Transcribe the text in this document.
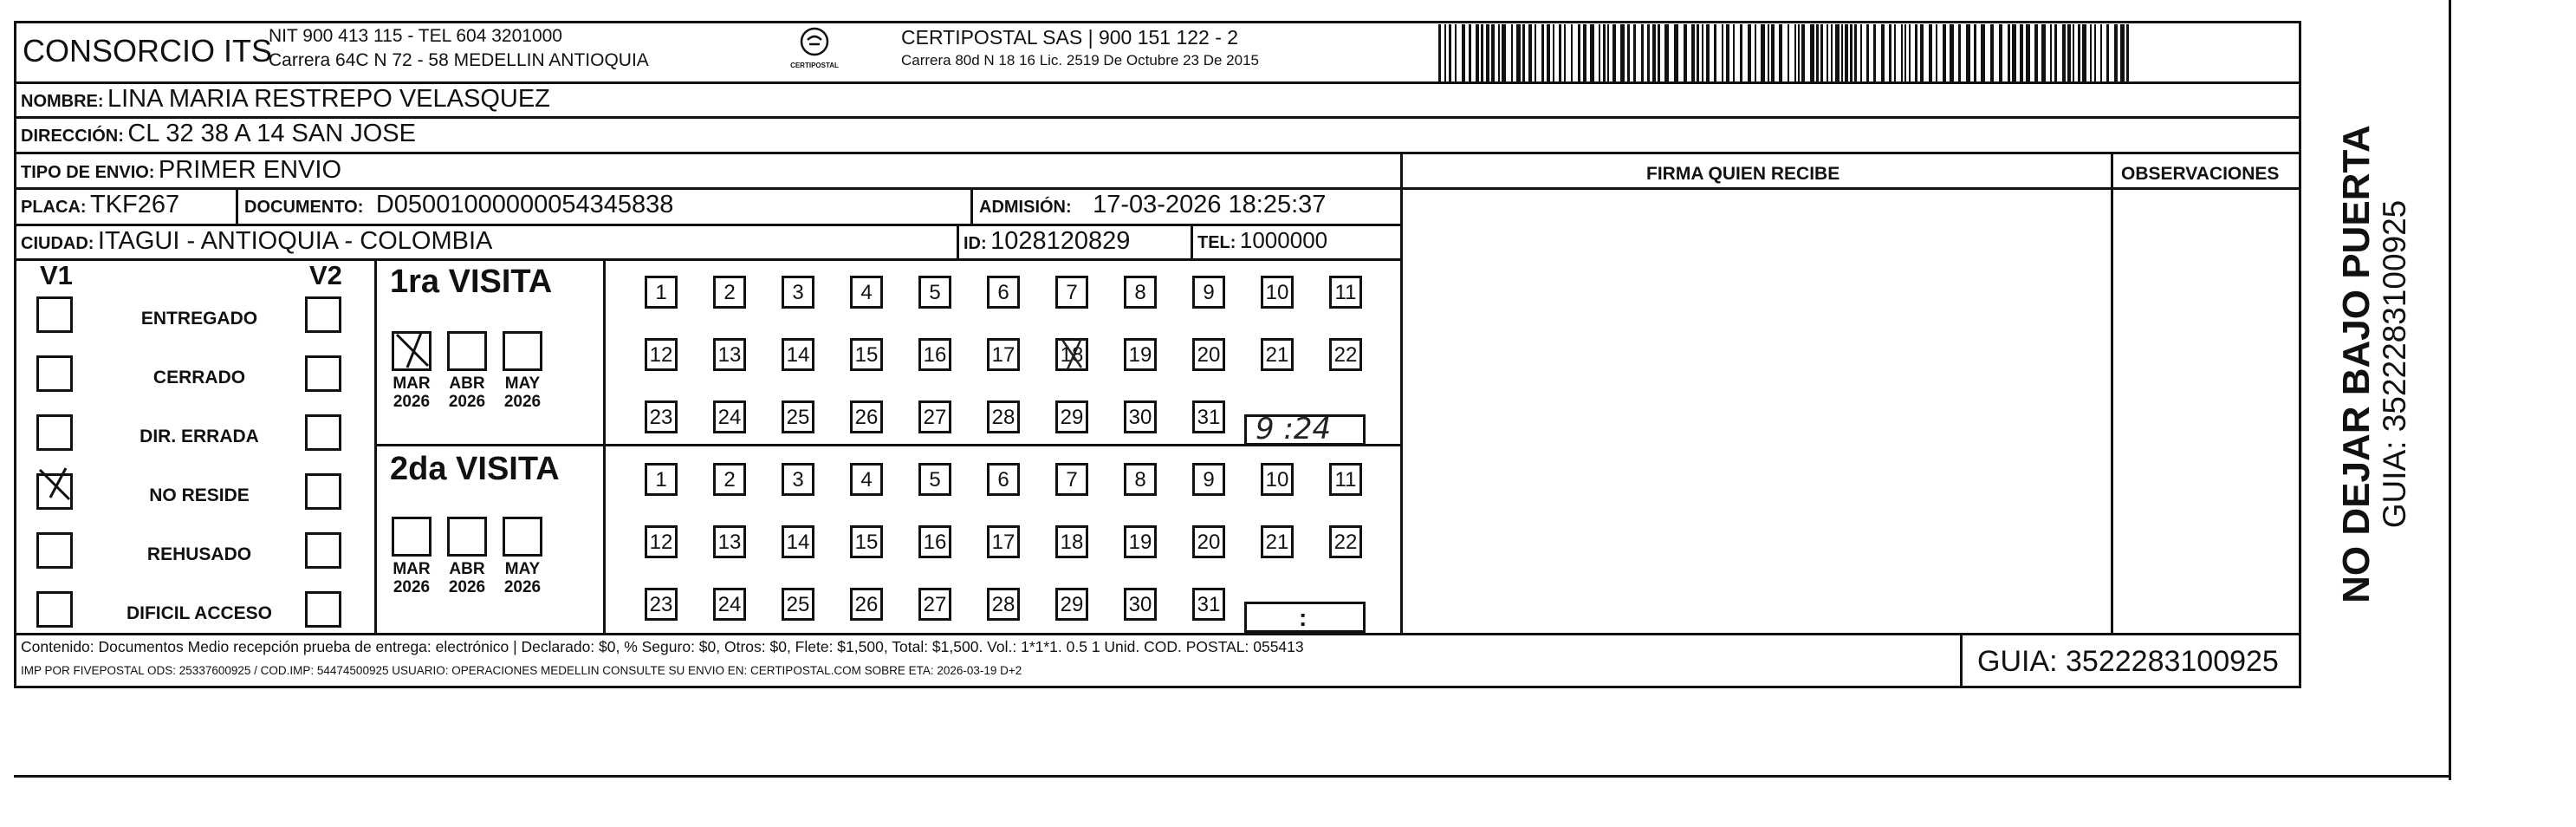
CONSORCIO ITS
NIT 900 413 115 - TEL 604 3201000
Carrera 64C N 72 - 58 MEDELLIN ANTIOQUIA	CERTIPOSTAL
CERTIPOSTAL SAS | 900 151 122 - 2
Carrera 80d N 18 16 Lic. 2519 De Octubre 23 De 2015
NOMBRE: LINA MARIA RESTREPO VELASQUEZ
DIRECCIÓN: CL 32 38 A 14 SAN JOSE
TIPO DE ENVIO: PRIMER ENVIO	FIRMA QUIEN RECIBE	OBSERVACIONES
PLACA: TKF267	DOCUMENTO: D05001000000054345838	ADMISIÓN: 17-03-2026 18:25:37
CIUDAD: ITAGUI - ANTIOQUIA - COLOMBIA	ID: 1028120829	TEL: 1000000
V1	V2
ENTREGADO
CERRADO
DIR. ERRADA
NO RESIDE
REHUSADO
DIFICIL ACCESO
1ra VISITA
2da VISITA
MAR
2026
ABR
2026
MAY
2026
MAR
2026
ABR
2026
MAY
2026
1	2	3	4	5	6	7	8	9	10 11
12 13 14 15 16 17 18 19 20 21 22
23 24 25 26 27 28 29 30 31
1	2	3	4	5	6	7	8	9	10 11
12 13 14 15 16 17 18 19 20 21 22
23 24 25 26 27 28 29 30 31
9 :24
:
Contenido: Documentos Medio recepción prueba de entrega: electrónico | Declarado: $0, % Seguro: $0, Otros: $0, Flete: $1,500, Total: $1,500. Vol.: 1*1*1. 0.5 1 Unid. COD. POSTAL: 055413
IMP POR FIVEPOSTAL ODS: 25337600925 / COD.IMP: 54474500925 USUARIO: OPERACIONES MEDELLIN CONSULTE SU ENVIO EN: CERTIPOSTAL.COM SOBRE ETA: 2026-03-19 D+2	GUIA: 3522283100925
NO DEJAR BAJO PUERTA GUIA: 3522283100925
